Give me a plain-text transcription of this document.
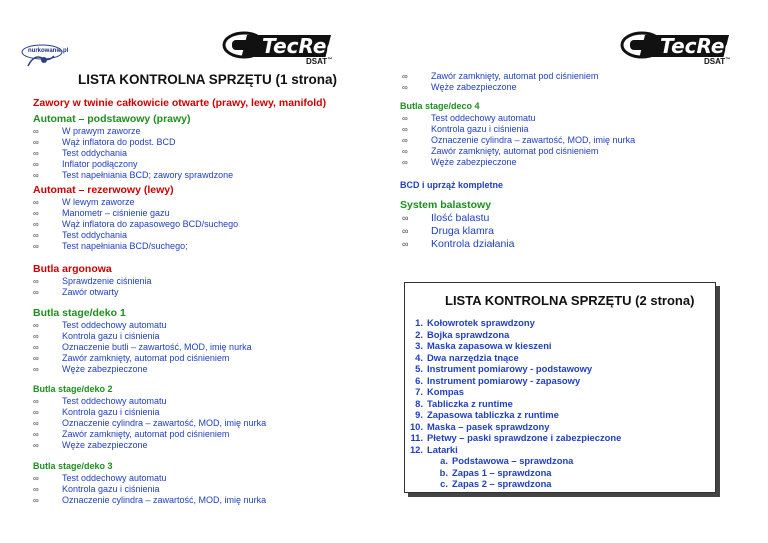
nurkowanie.pl	TecRec
DSAT™
TecRec
DSAT™
LISTA KONTROLNA SPRZĘTU (1 strona)
Zawory w twinie całkowicie otwarte (prawy, lewy, manifold)
Automat – podstawowy (prawy)
∞ W prawym zaworze
∞ Wąż inflatora do podst. BCD
∞ Test oddychania
∞ Inflator podłączony
∞ Test napełniania BCD; zawory sprawdzone
Automat – rezerwowy (lewy)
∞ W lewym zaworze
∞ Manometr – ciśnienie gazu
∞ Wąż inflatora do zapasowego BCD/suchego
∞ Test oddychania
∞ Test napełniania BCD/suchego;
Butla argonowa
∞ Sprawdzenie ciśnienia
∞ Zawór otwarty
Butla stage/deko 1
∞ Test oddechowy automatu
∞ Kontrola gazu i ciśnienia
∞ Oznaczenie butli – zawartość, MOD, imię nurka
∞ Zawór zamknięty, automat pod ciśnieniem
∞ Węże zabezpieczone
Butla stage/deko 2
∞ Test oddechowy automatu
∞ Kontrola gazu i ciśnienia
∞ Oznaczenie cylindra – zawartość, MOD, imię nurka
∞ Zawór zamknięty, automat pod ciśnieniem
∞ Węże zabezpieczone
Butla stage/deko 3
∞ Test oddechowy automatu
∞ Kontrola gazu i ciśnienia
∞ Oznaczenie cylindra – zawartość, MOD, imię nurka
∞ Zawór zamknięty, automat pod ciśnieniem
∞ Węże zabezpieczone
Butla stage/deco 4
∞ Test oddechowy automatu
∞ Kontrola gazu i ciśnienia
∞ Oznaczenie cylindra – zawartość, MOD, imię nurka
∞ Zawór zamknięty, automat pod ciśnieniem
∞ Węże zabezpieczone
BCD i uprząż kompletne
System balastowy
∞ Ilość balastu
∞ Druga klamra
∞ Kontrola działania
LISTA KONTROLNA SPRZĘTU (2 strona)
1. Kołowrotek sprawdzony
2. Bojka sprawdzona
3. Maska zapasowa w kieszeni
4. Dwa narzędzia tnące
5. Instrument pomiarowy - podstawowy
6. Instrument pomiarowy - zapasowy
7. Kompas
8. Tabliczka z runtime
9. Zapasowa tabliczka z runtime
10. Maska – pasek sprawdzony
11. Płetwy – paski sprawdzone i zabezpieczone
12. Latarki
a. Podstawowa – sprawdzona
b. Zapas 1 – sprawdzona
c. Zapas 2 – sprawdzona
